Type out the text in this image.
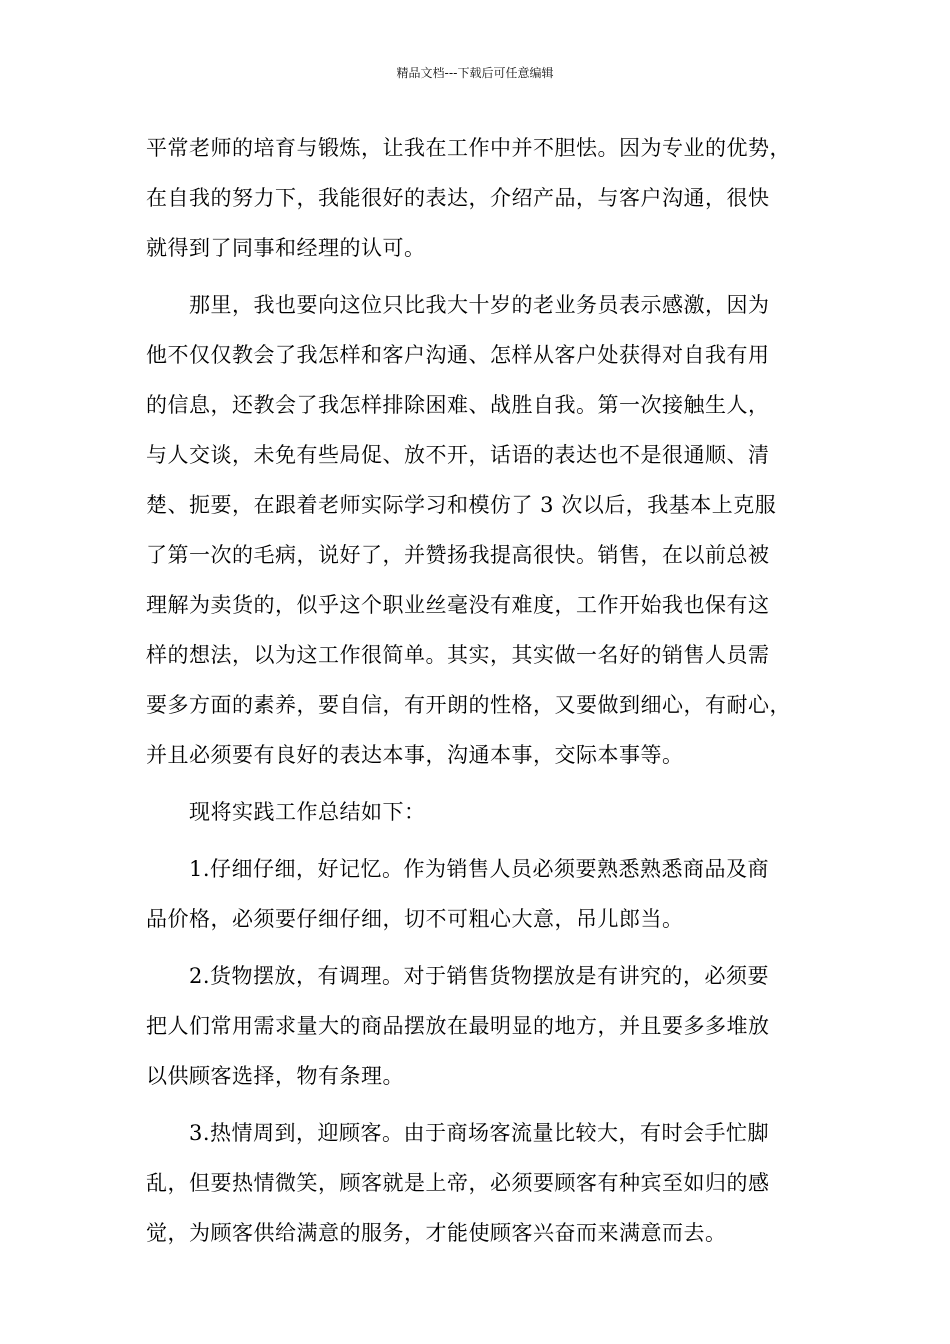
精品文档---下载后可任意编辑
平常老师的培育与锻炼，让我在工作中并不胆怯。因为专业的优势，
在自我的努力下，我能很好的表达，介绍产品，与客户沟通，很快
就得到了同事和经理的认可。
那里，我也要向这位只比我大十岁的老业务员表示感激，因为
他不仅仅教会了我怎样和客户沟通、怎样从客户处获得对自我有用
的信息，还教会了我怎样排除困难、战胜自我。第一次接触生人，
与人交谈，未免有些局促、放不开，话语的表达也不是很通顺、清
楚、扼要，在跟着老师实际学习和模仿了 3 次以后，我基本上克服
了第一次的毛病，说好了，并赞扬我提高很快。销售，在以前总被
理解为卖货的，似乎这个职业丝毫没有难度，工作开始我也保有这
样的想法，以为这工作很简单。其实，其实做一名好的销售人员需
要多方面的素养，要自信，有开朗的性格，又要做到细心，有耐心，
并且必须要有良好的表达本事，沟通本事，交际本事等。
现将实践工作总结如下：
1.仔细仔细，好记忆。作为销售人员必须要熟悉熟悉商品及商
品价格，必须要仔细仔细，切不可粗心大意，吊儿郎当。
2.货物摆放，有调理。对于销售货物摆放是有讲究的，必须要
把人们常用需求量大的商品摆放在最明显的地方，并且要多多堆放
以供顾客选择，物有条理。
3.热情周到，迎顾客。由于商场客流量比较大，有时会手忙脚
乱，但要热情微笑，顾客就是上帝，必须要顾客有种宾至如归的感
觉，为顾客供给满意的服务，才能使顾客兴奋而来满意而去。
